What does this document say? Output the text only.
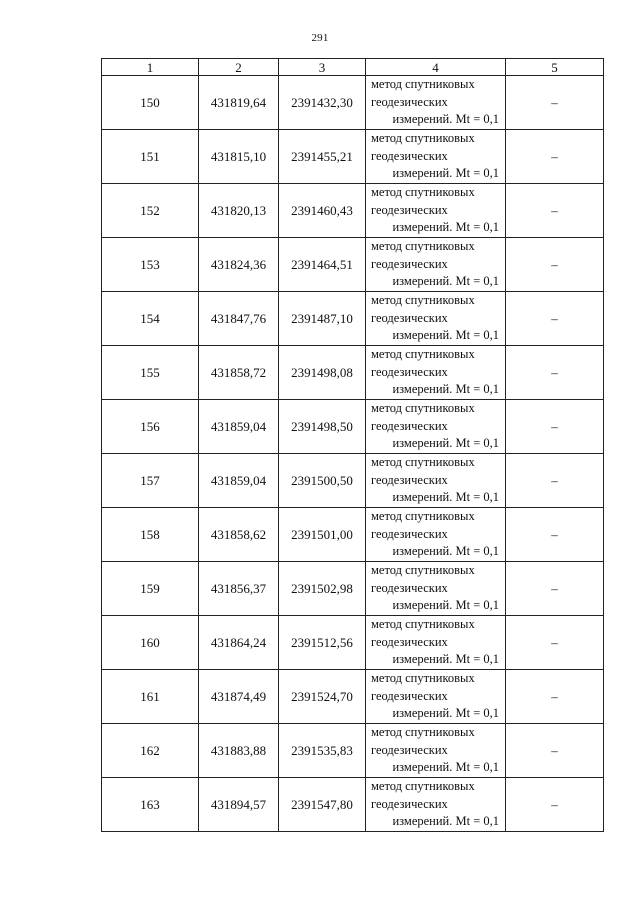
291
1	2	3	4	5
150	431819,64	2391432,30	метод спутниковых
геодезических
измерений. Mt = 0,1	–
151	431815,10	2391455,21	метод спутниковых
геодезических
измерений. Mt = 0,1	–
152	431820,13	2391460,43	метод спутниковых
геодезических
измерений. Mt = 0,1	–
153	431824,36	2391464,51	метод спутниковых
геодезических
измерений. Mt = 0,1	–
154	431847,76	2391487,10	метод спутниковых
геодезических
измерений. Mt = 0,1	–
155	431858,72	2391498,08	метод спутниковых
геодезических
измерений. Mt = 0,1	–
156	431859,04	2391498,50	метод спутниковых
геодезических
измерений. Mt = 0,1	–
157	431859,04	2391500,50	метод спутниковых
геодезических
измерений. Mt = 0,1	–
158	431858,62	2391501,00	метод спутниковых
геодезических
измерений. Mt = 0,1	–
159	431856,37	2391502,98	метод спутниковых
геодезических
измерений. Mt = 0,1	–
160	431864,24	2391512,56	метод спутниковых
геодезических
измерений. Mt = 0,1	–
161	431874,49	2391524,70	метод спутниковых
геодезических
измерений. Mt = 0,1	–
162	431883,88	2391535,83	метод спутниковых
геодезических
измерений. Mt = 0,1	–
163	431894,57	2391547,80	метод спутниковых
геодезических
измерений. Mt = 0,1	–
